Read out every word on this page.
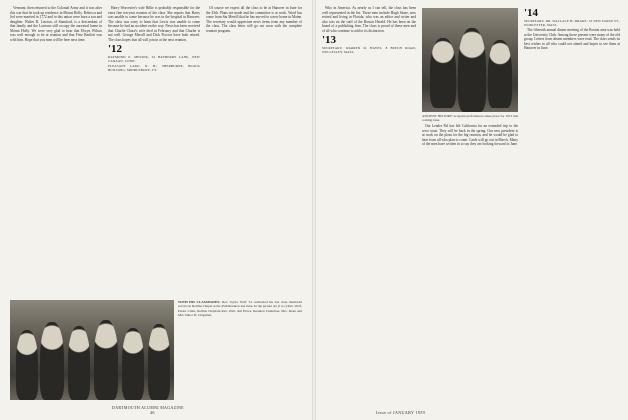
Vermont, then returned to the Colonial Army and it was after this war that he took up residence in Mount Holly. Rebecca and Jed were married in 1772 and to this union were born a son and daughter. Walter R. Lawton, of Stamford, is a descendant of that family and the Lawtons still occupy the ancestral home in Mount Holly. We were very glad to hear that Elwyn Wilson was well enough to be at reunion and that Fritz Bartlett was with him. Hope that you men will be here next time.

Harry Worcester's wife Billie is probably responsible for the extra fine ten-year reunion of the class. She reports that Harry was unable to come because he was in the hospital in Hanover. The class was sorry to learn that Lewis was unable to come because he had an accident on the way. News has been received that Charlie Chase's wife died in February and that Charlie is not well. George Merrill and Dick Proctor have both retired. The class hopes that all will join in at the next reunion.

'12
RAYMOND E. MESSER, 34 BAYBERRY LANE, NEW CANAAN, CONN.
PLEASANT LAKE, N. H.; SHERBURNE, BLOCK BUILDING, MIDDLEBURY, VT.

Of course we expect all the class to be at Hanover in June for the 45th. Plans are made and the committee is at work. Word has come from Stu Merrill that he has moved to a new home in Maine. The secretary would appreciate news items from any member of the class. The class letter will go out soon with the complete reunion program.

WITH HIS CLASSMATES: Rev. Taylor Wolf '12 celebrated his last class memorial service in Rollins Chapel at the 45th Reunion last June. In the picture are (l to r) Rev. Wolf, Pastor Clark, Rollins Chaplain Rev. Wall, Jim Howe, Reunion Chairman, Mrs. Dean and Mrs. Dinor D. Chapman.
46
DARTMOUTH ALUMNI MAGAZINE

Who in America. As nearly as I can tell, the class has been well represented in the list. These men include Hugh Stone, now retired and living in Florida, who was an editor and writer and also was on the staff of the Boston Herald. He has been on the board of a publishing firm. The class is proud of these men and of all who continue to add to its distinction.

'13
SECRETARY, WARREN D. HAYES, 8 BEECH ROAD, WELLESLEY, MASS.
ANCIENT HISTORY: A reprint performance takes place for 1913 this coming June.

Our Leader Pal has left California for an extended trip to the west coast. They will be back in the spring. Our new president is at work on the plans for the big reunion, and he would be glad to hear from all who plan to come. Cards will go out in March. Many of the men have written in to say they are looking forward to June.

'14
SECRETARY, DR. WALLACE H. DRAKE, 33 NEW DAVID ST., WORCESTER, MASS.

The fifteenth annual dinner meeting of the Boston area was held at the University Club. Among those present were many of the old group. Letters from absent members were read. The class sends its best wishes to all who could not attend and hopes to see them at Hanover in June.

Issue of JANUARY 1959
